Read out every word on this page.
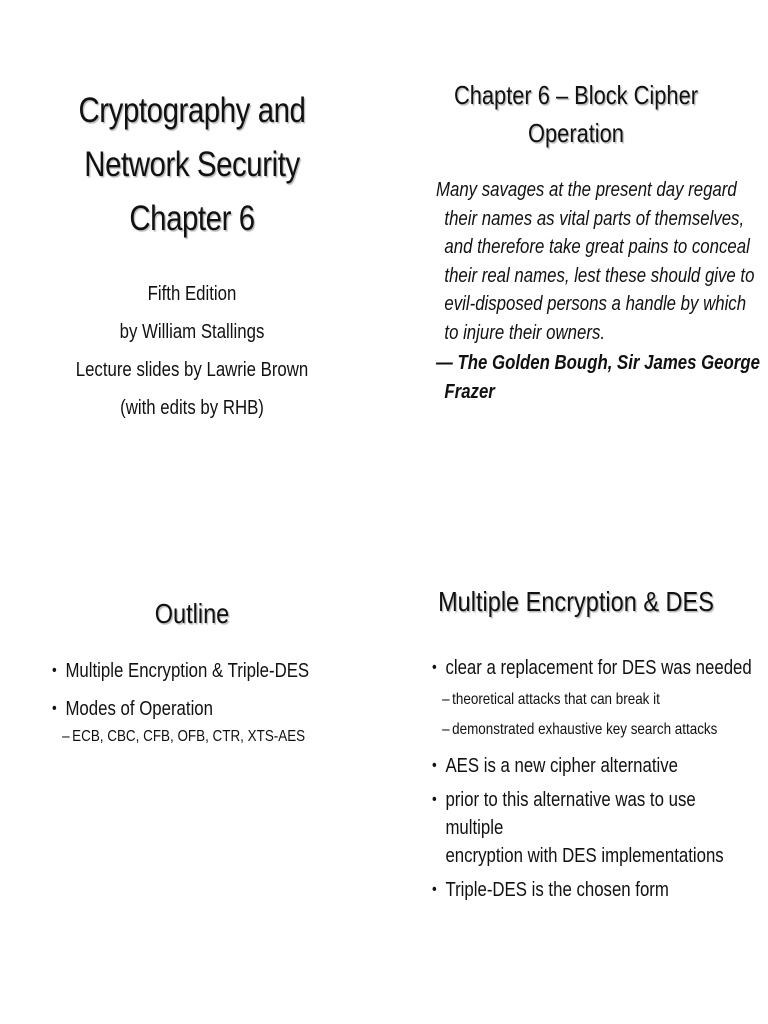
Cryptography and
Network Security
Chapter 6
Fifth Edition
by William Stallings
Lecture slides by Lawrie Brown
(with edits by RHB)
Chapter 6 – Block Cipher
Operation
Many savages at the present day regard
their names as vital parts of themselves,
and therefore take great pains to conceal
their real names, lest these should give to
evil-disposed persons a handle by which
to injure their owners.
— The Golden Bough, Sir James George
Frazer
Outline
• Multiple Encryption & Triple-DES
• Modes of Operation
– ECB, CBC, CFB, OFB, CTR, XTS-AES
Multiple Encryption & DES
• clear a replacement for DES was needed
– theoretical attacks that can break it
– demonstrated exhaustive key search attacks
• AES is a new cipher alternative
• prior to this alternative was to use multiple
encryption with DES implementations
• Triple-DES is the chosen form
